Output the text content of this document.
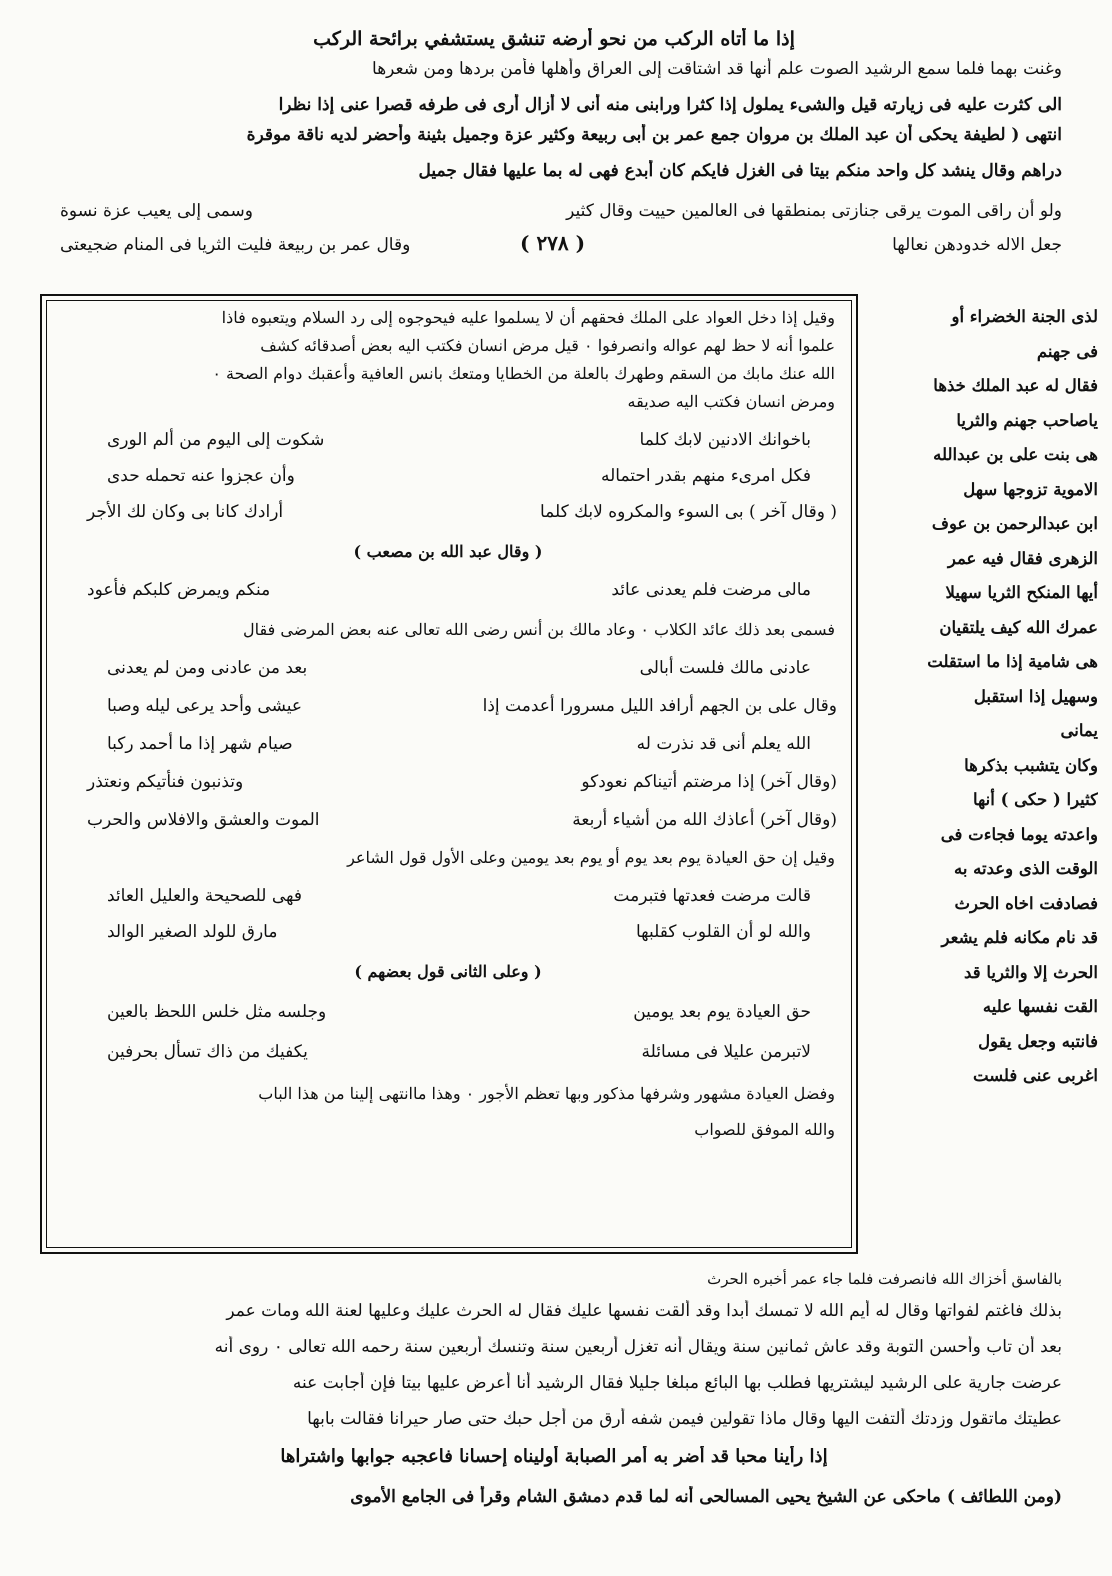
إذا ما أتاه الركب من نحو أرضه تنشق يستشفي برائحة الركب
وغنت بهما فلما سمع الرشيد الصوت علم أنها قد اشتاقت إلى العراق وأهلها فأمن بردها ومن شعرها
الى كثرت عليه فى زيارته قيل والشىء يملول إذا كثرا ورابنى منه أنى لا أزال أرى فى طرفه قصرا عنى إذا نظرا
انتهى ( لطيفة يحكى أن عبد الملك بن مروان جمع عمر بن أبى ربيعة وكثير عزة وجميل بثينة وأحضر لديه ناقة موقرة
دراهم وقال ينشد كل واحد منكم بيتا فى الغزل فايكم كان أبدع فهى له بما عليها فقال جميل
ولو أن راقى الموت يرقى جنازتى بمنطقها فى العالمين حييت وقال كثير
وسمى إلى يعيب عزة نسوة
جعل الاله خدودهن نعالها
( ٢٧٨ )
وقال عمر بن ربيعة فليت الثريا فى المنام ضجيعتى
وقيل إذا دخل العواد على الملك فحقهم أن لا يسلموا عليه فيحوجوه إلى رد السلام ويتعبوه فاذا
علموا أنه لا حظ لهم عواله وانصرفوا ۰ قيل مرض انسان فكتب اليه بعض أصدقائه كشف
الله عنك مابك من السقم وطهرك بالعلة من الخطايا ومتعك بانس العافية وأعقبك دوام الصحة ۰
ومرض انسان فكتب اليه صديقه
باخوانك الادنين لابك كلما
شكوت إلى اليوم من ألم الورى
فكل امرىء منهم بقدر احتماله
وأن عجزوا عنه تحمله حدى
( وقال آخر ) بى السوء والمكروه لابك كلما
أرادك كانا بى وكان لك الأجر
( وقال عبد الله بن مصعب )
مالى مرضت فلم يعدنى عائد
منكم ويمرض كلبكم فأعود
فسمى بعد ذلك عائد الكلاب ۰ وعاد مالك بن أنس رضى الله تعالى عنه بعض المرضى فقال
عادنى مالك فلست أبالى
بعد من عادنى ومن لم يعدنى
وقال على بن الجهم أرافد الليل مسرورا أعدمت إذا
عيشى وأحد يرعى ليله وصبا
الله يعلم أنى قد نذرت له
صيام شهر إذا ما أحمد ركبا
(وقال آخر) إذا مرضتم أتيناكم نعودكو
وتذنبون فنأتيكم ونعتذر
(وقال آخر) أعاذك الله من أشياء أربعة
الموت والعشق والافلاس والحرب
وقيل إن حق العيادة يوم بعد يوم أو يوم بعد يومين وعلى الأول قول الشاعر
قالت مرضت فعدتها فتبرمت
فهى للصحيحة والعليل العائد
والله لو أن القلوب كقلبها
مارق للولد الصغير الوالد
( وعلى الثانى قول بعضهم )
حق العيادة يوم بعد يومين
وجلسه مثل خلس اللحظ بالعين
لاتبرمن عليلا فى مسائلة
يكفيك من ذاك تسأل بحرفين
وفضل العيادة مشهور وشرفها مذكور وبها تعظم الأجور ۰ وهذا ماانتهى إلينا من هذا الباب
والله الموفق للصواب
لذى الجنة الخضراء أو
فى جهنم
فقال له عبد الملك خذها
ياصاحب جهنم والثريا
هى بنت على بن عبدالله
الاموية تزوجها سهل
ابن عبدالرحمن بن عوف
الزهرى فقال فيه عمر
أيها المنكح الثريا سهيلا
عمرك الله كيف يلتقيان
هى شامية إذا ما استقلت
وسهيل إذا استقبل
يمانى
وكان يتشبب بذكرها
كثيرا ( حكى ) أنها
واعدته يوما فجاءت فى
الوقت الذى وعدته به
فصادفت اخاه الحرث
قد نام مكانه فلم يشعر
الحرث إلا والثريا قد
القت نفسها عليه
فانتبه وجعل يقول
اغربى عنى فلست
بالفاسق أخزاك الله فانصرفت فلما جاء عمر أخبره الحرث
بذلك فاغتم لفواتها وقال له أيم الله لا تمسك أبدا وقد ألقت نفسها عليك فقال له الحرث عليك وعليها لعنة الله ومات عمر
بعد أن تاب وأحسن التوبة وقد عاش ثمانين سنة ويقال أنه تغزل أربعين سنة وتنسك أربعين سنة رحمه الله تعالى ۰ روى أنه
عرضت جارية على الرشيد ليشتريها فطلب بها البائع مبلغا جليلا فقال الرشيد أنا أعرض عليها بيتا فإن أجابت عنه
عطيتك ماتقول وزدتك ألتفت اليها وقال ماذا تقولين فيمن شفه أرق من أجل حبك حتى صار حيرانا فقالت بابها
إذا رأينا محبا قد أضر به أمر الصبابة أوليناه إحسانا فاعجبه جوابها واشتراها
(ومن اللطائف ) ماحكى عن الشيخ يحيى المسالحى أنه لما قدم دمشق الشام وقرأ فى الجامع الأموى
